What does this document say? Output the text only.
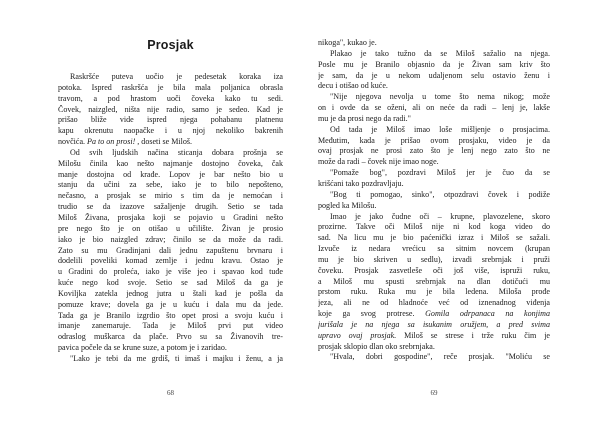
Prosjak
Raskršće puteva uočio je pedesetak koraka iza
potoka. Ispred raskršća je bila mala poljanica obrasla
travom, a pod hrastom uoči čoveka kako tu sedi.
Čovek, naizgled, ništa nije radio, samo je sedeo. Kad je
prišao bliže vide ispred njega pohabanu platnenu
kapu okrenutu naopačke i u njoj nekoliko bakrenih
novčića. Pa to on prosi! , doseti se Miloš.
Od svih ljudskih načina sticanja dobara prošnja se
Milošu činila kao nešto najmanje dostojno čoveka, čak
manje dostojna od krađe. Lopov je bar nešto bio u
stanju da učini za sebe, iako je to bilo nepošteno,
nečasno, a prosjak se mirio s tim da je nemoćan i
trudio se da izazove sažaljenje drugih. Setio se tada
Miloš Živana, prosjaka koji se pojavio u Gradini nešto
pre nego što je on otišao u učilište. Živan je prosio
iako je bio naizgled zdrav; činilo se da može da radi.
Zato su mu Gradinjani dali jednu zapuštenu brvnaru i
dodelili poveliki komad zemlje i jednu kravu. Ostao je
u Gradini do proleća, iako je više jeo i spavao kod tuđe
kuće nego kod svoje. Setio se sad Miloš da ga je
Kovilјka zatekla jednog jutra u štali kad je pošla da
pomuze krave; dovela ga je u kuću i dala mu da jede.
Tada ga je Branilo izgrdio što opet prosi a svoju kuću i
imanje zanemaruje. Tada je Miloš prvi put video
odraslog muškarca da plače. Prvo su sa Živanovih tre-
pavica počele da se krune suze, a potom je i zaridao.
"Lako je tebi da me grdiš, ti imaš i majku i ženu, a ja
68
nikoga", kukao je.
Plakao je tako tužno da se Miloš sažalio na njega.
Posle mu je Branilo objasnio da je Živan sam kriv što
je sam, da je u nekom udaljenom selu ostavio ženu i
decu i otišao od kuće.
"Nije njegova nevolja u tome što nema nikog; može
on i ovde da se oženi, ali on neće da radi – lenj je, lakše
mu je da prosi nego da radi."
Od tada je Miloš imao loše mišljenje o prosjacima.
Međutim, kada je prišao ovom prosjaku, video je da
ovaj prosjak ne prosi zato što je lenj nego zato što ne
može da radi – čovek nije imao noge.
"Pomaže bog", pozdravi Miloš jer je čuo da se
krišćani tako pozdravljaju.
"Bog ti pomogao, sinko", otpozdravi čovek i podiže
pogled ka Milošu.
Imao je jako čudne oči – krupne, plavozelene, skoro
prozirne. Takve oči Miloš nije ni kod koga video do
sad. Na licu mu je bio paćenički izraz i Miloš se sažali.
Izvuče iz nedara vrećicu sa sitnim novcem (krupan
mu je bio skriven u sedlu), izvadi srebrnjak i pruži
čoveku. Prosjak zasvetleše oči još više, ispruži ruku,
a Miloš mu spusti srebrnjak na dlan dotičući mu
prstom ruku. Ruka mu je bila ledena. Miloša prođe
jeza, ali ne od hladnoće već od iznenadnog viđenja
koje ga svog protrese. Gomila odrpanaca na konjima
jurišala je na njega sa isukanim oružjem, a pred svima
upravo ovaj prosjak. Miloš se strese i trže ruku čim je
prosjak sklopio dlan oko srebrnjaka.
"Hvala, dobri gospodine", reče prosjak. "Moliću se
69
